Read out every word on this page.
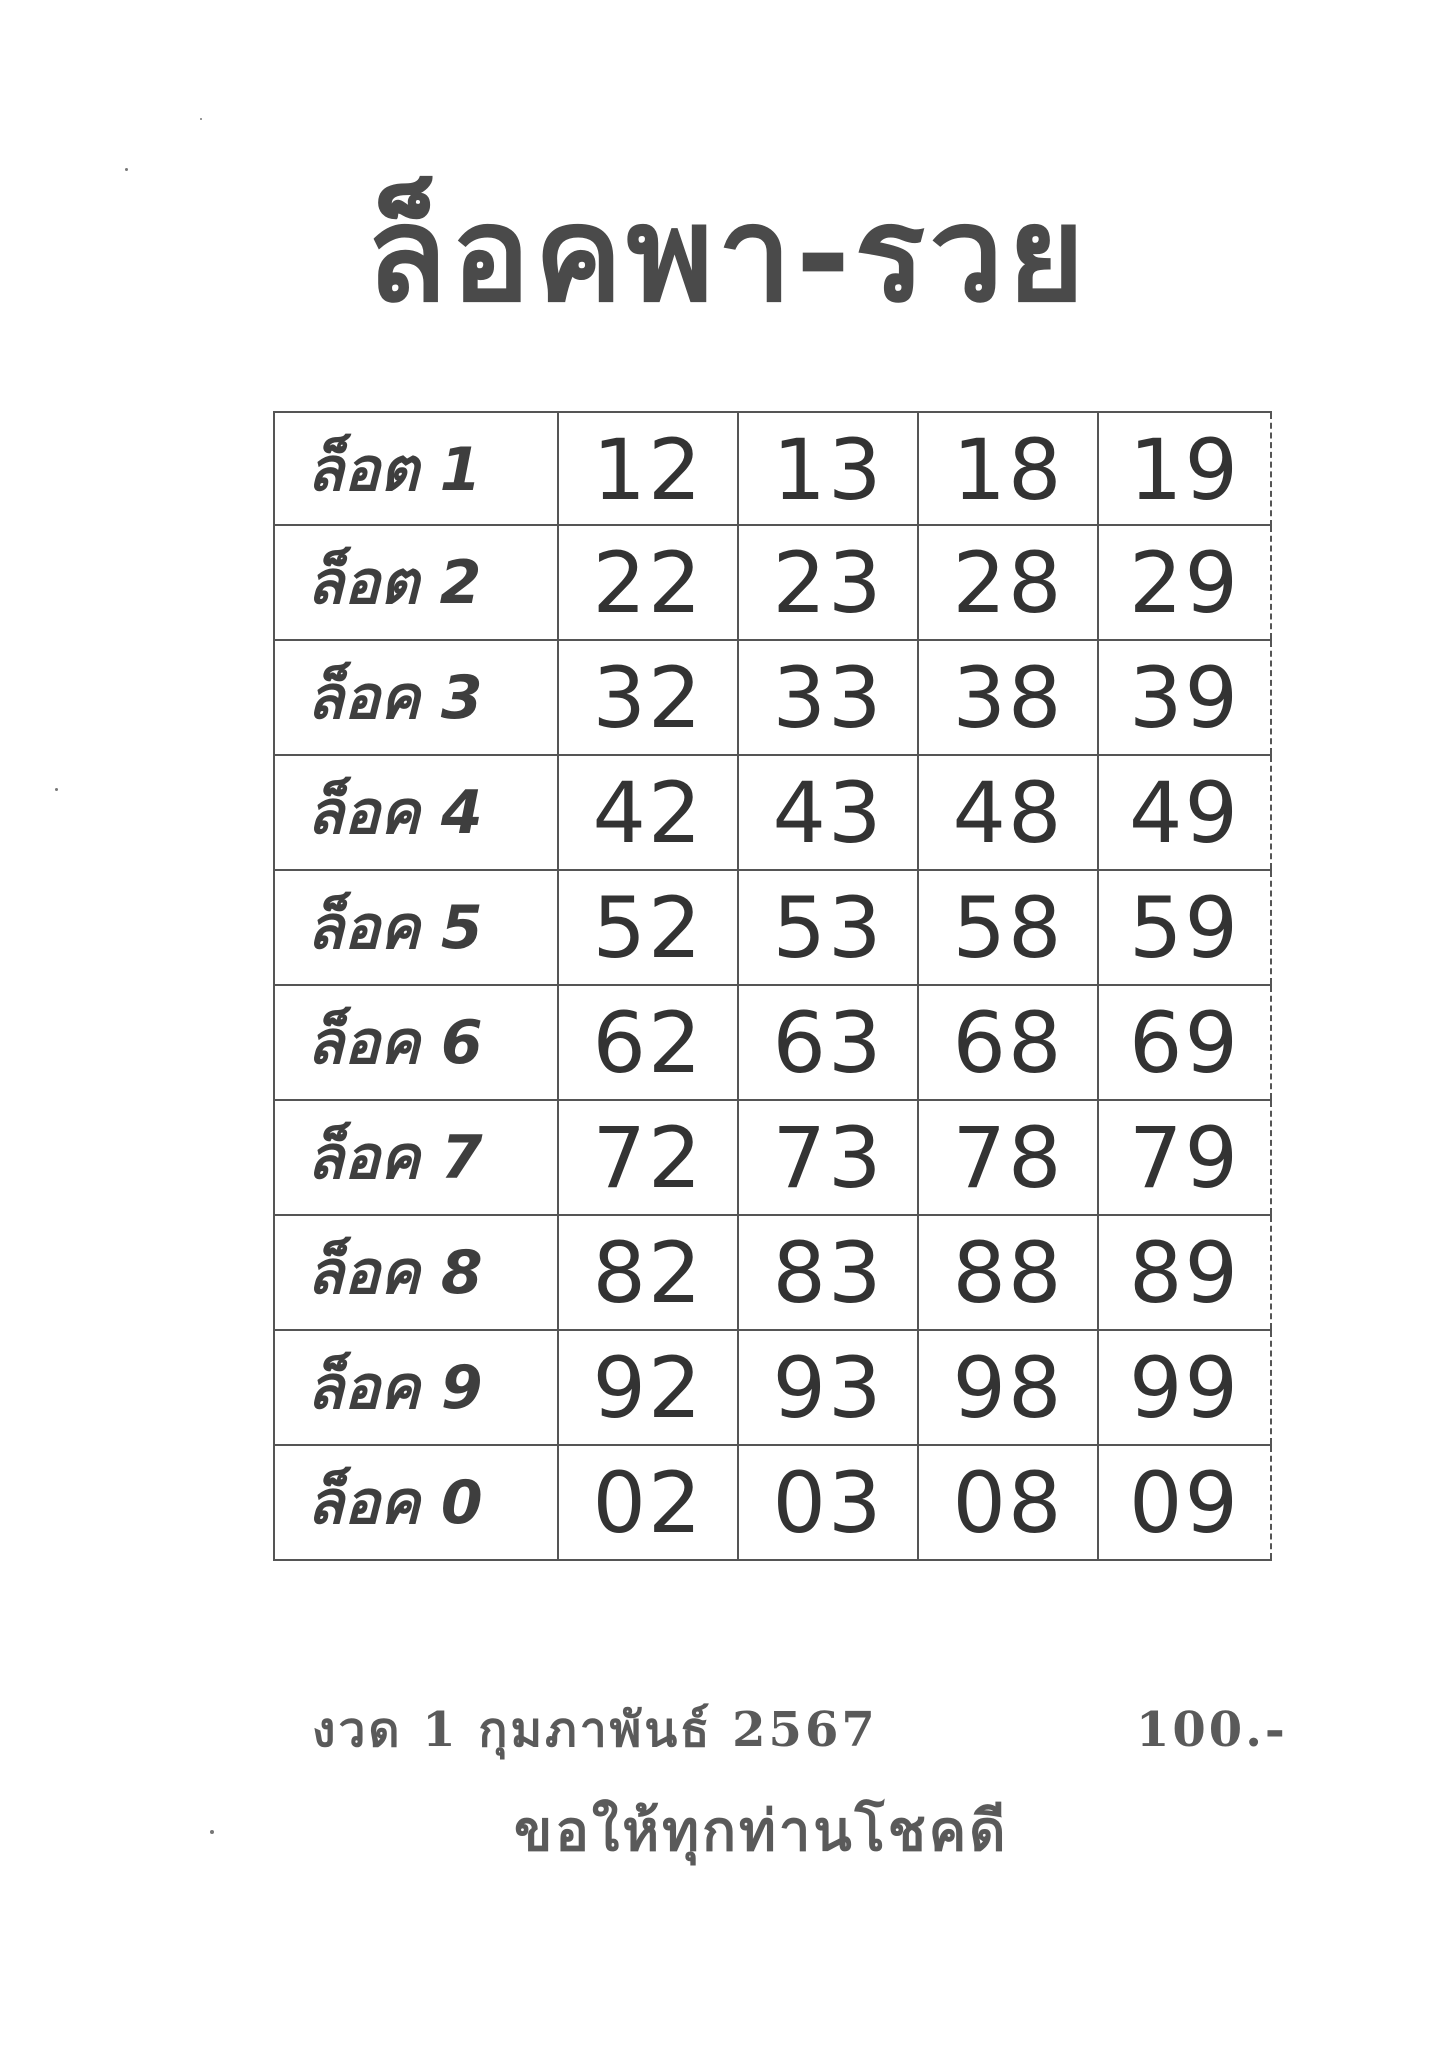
ล็อคพา-รวย
ล็อต 1	12 13 18 19
ล็อต 2	22 23 28 29
ล็อค 3	32 33 38 39
ล็อค 4	42 43 48 49
ล็อค 5	52 53 58 59
ล็อค 6	62 63 68 69
ล็อค 7	72 73 78 79
ล็อค 8	82 83 88 89
ล็อค 9	92 93 98 99
ล็อค 0	02 03 08 09
งวด 1 กุมภาพันธ์ 2567	100.-
ขอให้ทุกท่านโชคดี
